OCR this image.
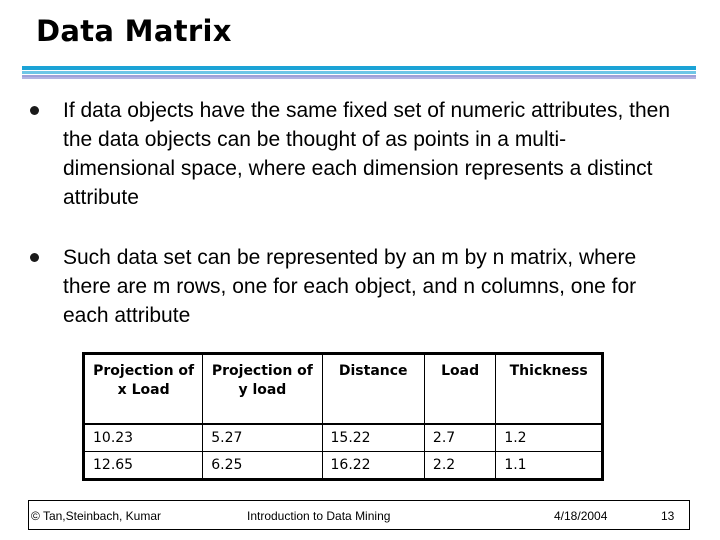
Data Matrix
If data objects have the same fixed set of numeric attributes, then the data objects can be thought of as points in a multi-dimensional space, where each dimension represents a distinct attribute
Such data set can be represented by an m by n matrix, where there are m rows, one for each object, and n columns, one for each attribute
Projection of x Load	Projection of y load	Distance	Load	Thickness
10.23	5.27	15.22	2.7	1.2
12.65	6.25	16.22	2.2	1.1
© Tan,Steinbach, Kumar	Introduction to Data Mining	4/18/2004	13
